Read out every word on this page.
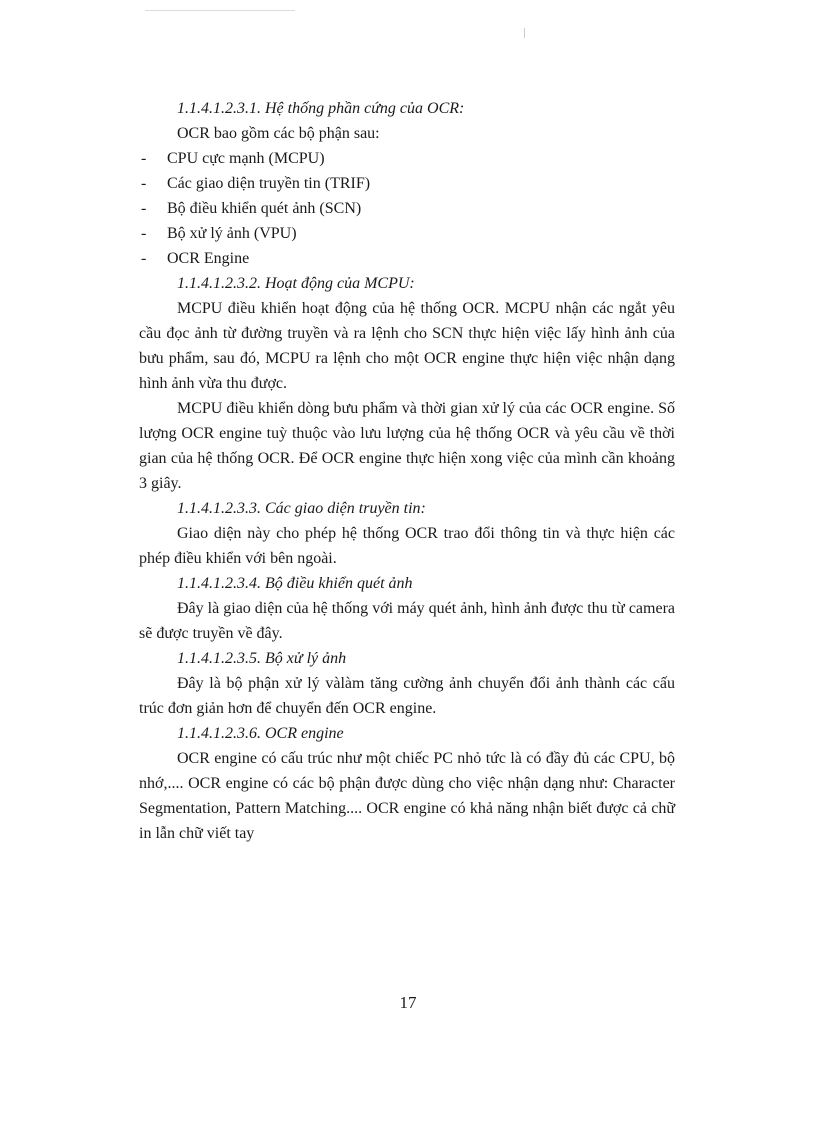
1.1.4.1.2.3.1. Hệ thống phần cứng của OCR:

OCR bao gồm các bộ phận sau:

- CPU cực mạnh (MCPU)
- Các giao diện truyền tin (TRIF)
- Bộ điều khiển quét ảnh (SCN)
- Bộ xử lý ảnh (VPU)
- OCR Engine

1.1.4.1.2.3.2. Hoạt động của MCPU:

MCPU điều khiển hoạt động của hệ thống OCR. MCPU nhận các ngắt yêu cầu đọc ảnh từ đường truyền và ra lệnh cho SCN thực hiện việc lấy hình ảnh của bưu phẩm, sau đó, MCPU ra lệnh cho một OCR engine thực hiện việc nhận dạng hình ảnh vừa thu được.

MCPU điều khiển dòng bưu phẩm và thời gian xử lý của các OCR engine. Số lượng OCR engine tuỳ thuộc vào lưu lượng của hệ thống OCR và yêu cầu về thời gian của hệ thống OCR. Để OCR engine thực hiện xong việc của mình cần khoảng 3 giây.

1.1.4.1.2.3.3. Các giao diện truyền tin:

Giao diện này cho phép hệ thống OCR trao đổi thông tin và thực hiện các phép điều khiển với bên ngoài.

1.1.4.1.2.3.4. Bộ điều khiển quét ảnh

Đây là giao diện của hệ thống với máy quét ảnh, hình ảnh được thu từ camera sẽ được truyền về đây.

1.1.4.1.2.3.5. Bộ xử lý ảnh

Đây là bộ phận xử lý vàlàm tăng cường ảnh chuyển đổi ảnh thành các cấu trúc đơn giản hơn để chuyển đến OCR engine.

1.1.4.1.2.3.6. OCR engine

OCR engine có cấu trúc như một chiếc PC nhỏ tức là có đầy đủ các CPU, bộ nhớ,.... OCR engine có các bộ phận được dùng cho việc nhận dạng như: Character Segmentation, Pattern Matching.... OCR engine có khả năng nhận biết được cả chữ in lẫn chữ viết tay

17
